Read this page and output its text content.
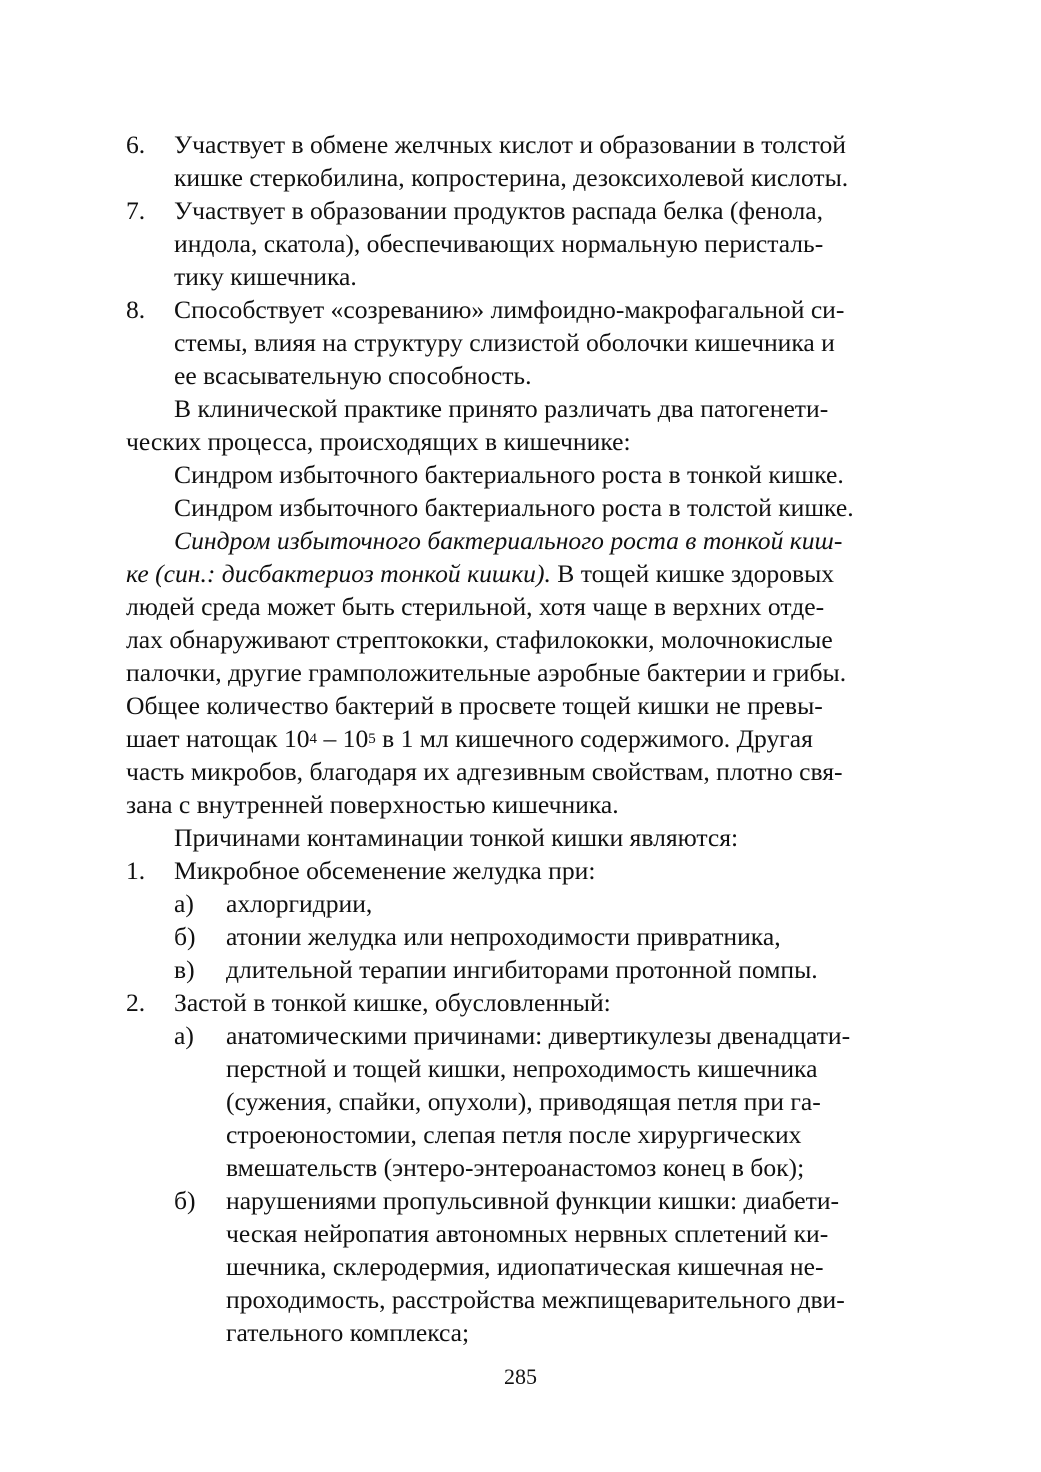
6. Участвует в обмене желчных кислот и образовании в толстой
кишке стеркобилина, копростерина, дезоксихолевой кислоты.
7. Участвует в образовании продуктов распада белка (фенола,
индола, скатола), обеспечивающих нормальную перисталь-
тику кишечника.
8. Способствует «созреванию» лимфоидно-макрофагальной си-
стемы, влияя на структуру слизистой оболочки кишечника и
ее всасывательную способность.
В клинической практике принято различать два патогенети-
ческих процесса, происходящих в кишечнике:
Синдром избыточного бактериального роста в тонкой кишке.
Синдром избыточного бактериального роста в толстой кишке.
Синдром избыточного бактериального роста в тонкой киш-
ке (син.: дисбактериоз тонкой кишки). В тощей кишке здоровых
людей среда может быть стерильной, хотя чаще в верхних отде-
лах обнаруживают стрептококки, стафилококки, молочнокислые
палочки, другие грамположительные аэробные бактерии и грибы.
Общее количество бактерий в просвете тощей кишки не превы-
шает натощак $10^4 - 10^5$ в 1 мл кишечного содержимого. Другая
часть микробов, благодаря их адгезивным свойствам, плотно свя-
зана с внутренней поверхностью кишечника.
Причинами контаминации тонкой кишки являются:
1. Микробное обсеменение желудка при:
а) ахлоргидрии,
б) атонии желудка или непроходимости привратника,
в) длительной терапии ингибиторами протонной помпы.
2. Застой в тонкой кишке, обусловленный:
а) анатомическими причинами: дивертикулезы двенадцати-
перстной и тощей кишки, непроходимость кишечника
(сужения, спайки, опухоли), приводящая петля при га-
строеюностомии, слепая петля после хирургических
вмешательств (энтеро-энтероанастомоз конец в бок);
б) нарушениями пропульсивной функции кишки: диабети-
ческая нейропатия автономных нервных сплетений ки-
шечника, склеродермия, идиопатическая кишечная не-
проходимость, расстройства межпищеварительного дви-
гательного комплекса;
285
